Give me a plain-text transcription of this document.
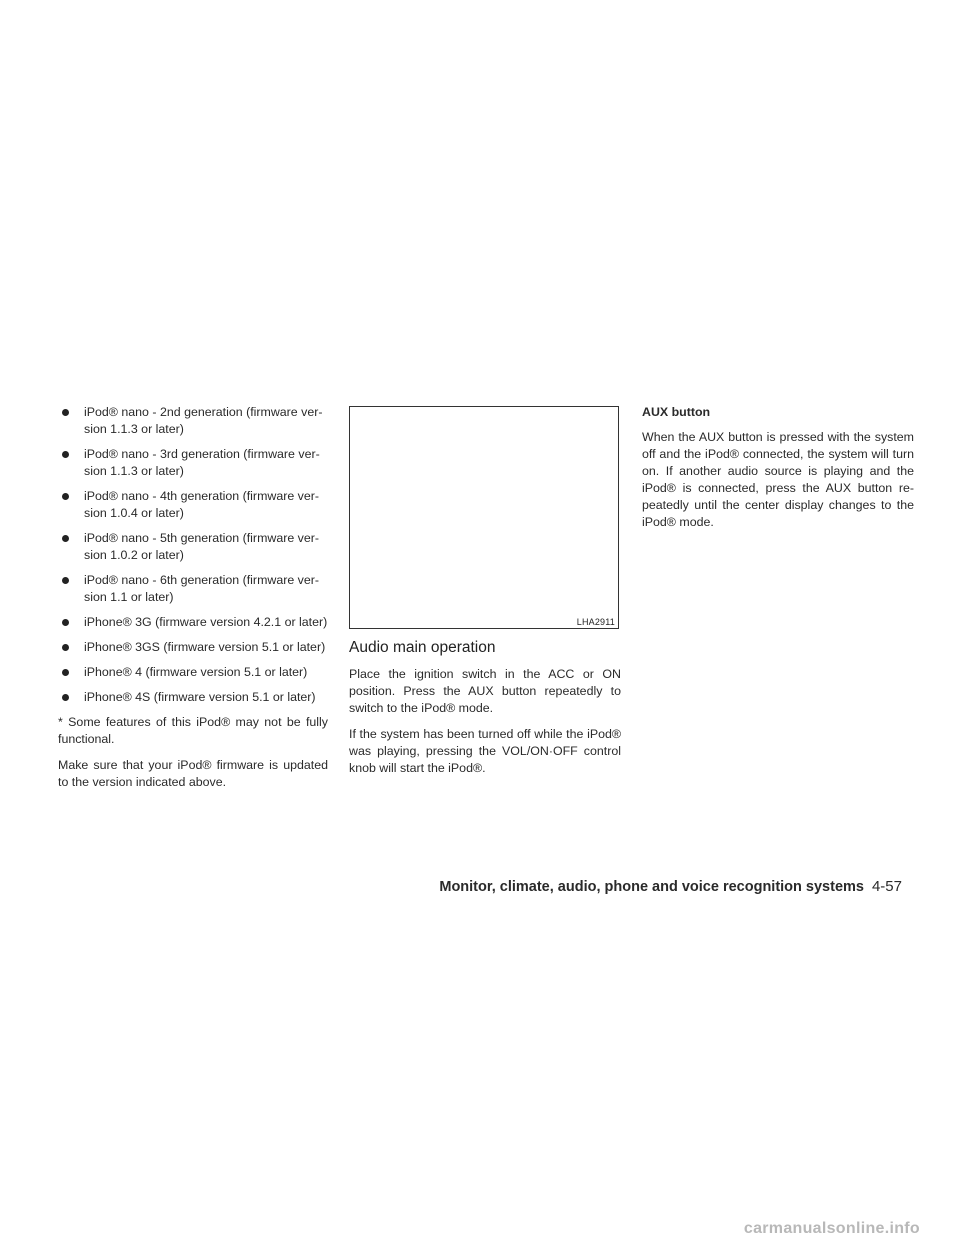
iPod® nano - 2nd generation (firmware ver-sion 1.1.3 or later)
iPod® nano - 3rd generation (firmware ver-sion 1.1.3 or later)
iPod® nano - 4th generation (firmware ver-sion 1.0.4 or later)
iPod® nano - 5th generation (firmware ver-sion 1.0.2 or later)
iPod® nano - 6th generation (firmware ver-sion 1.1 or later)
iPhone® 3G (firmware version 4.2.1 or later)
iPhone® 3GS (firmware version 5.1 or later)
iPhone® 4 (firmware version 5.1 or later)
iPhone® 4S (firmware version 5.1 or later)

* Some features of this iPod® may not be fully functional.

Make sure that your iPod® firmware is updated to the version indicated above.

LHA2911
Audio main operation

Place the ignition switch in the ACC or ON position. Press the AUX button repeatedly to switch to the iPod® mode.

If the system has been turned off while the iPod® was playing, pressing the VOL/ON·OFF control knob will start the iPod®.

AUX button

When the AUX button is pressed with the system off and the iPod® connected, the system will turn on. If another audio source is playing and the iPod® is connected, press the AUX button re-peatedly until the center display changes to the iPod® mode.

Monitor, climate, audio, phone and voice recognition systems 4-57
carmanualsonline.info
